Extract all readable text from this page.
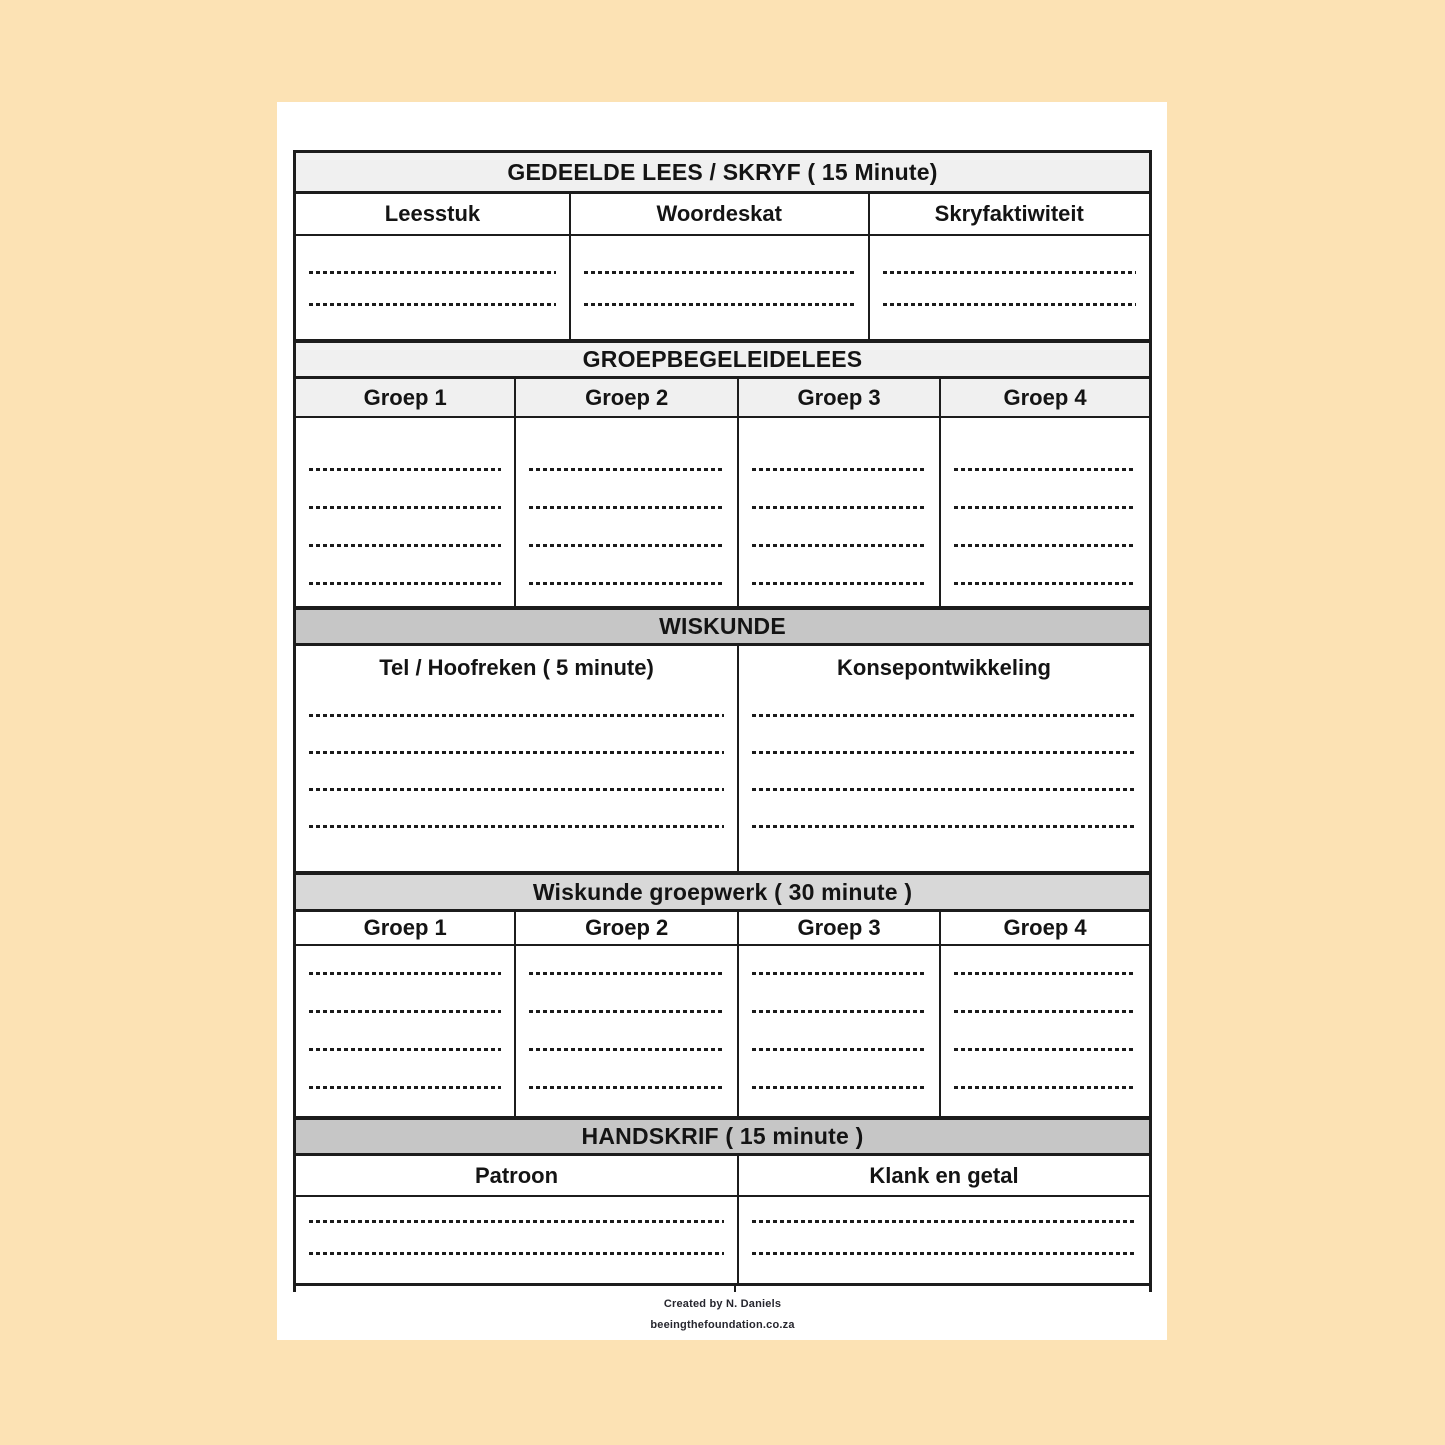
GEDEELDE LEES / SKRYF ( 15 Minute)
Leesstuk	Woordeskat	Skryfaktiwiteit
GROEPBEGELEIDELEES
Groep 1	Groep 2	Groep 3	Groep 4
WISKUNDE
Tel / Hoofreken ( 5 minute)	Konsepontwikkeling
Wiskunde groepwerk ( 30 minute )
Groep 1	Groep 2	Groep 3	Groep 4
HANDSKRIF ( 15 minute )
Patroon	Klank en getal
Created by N. Daniels
beeingthefoundation.co.za
